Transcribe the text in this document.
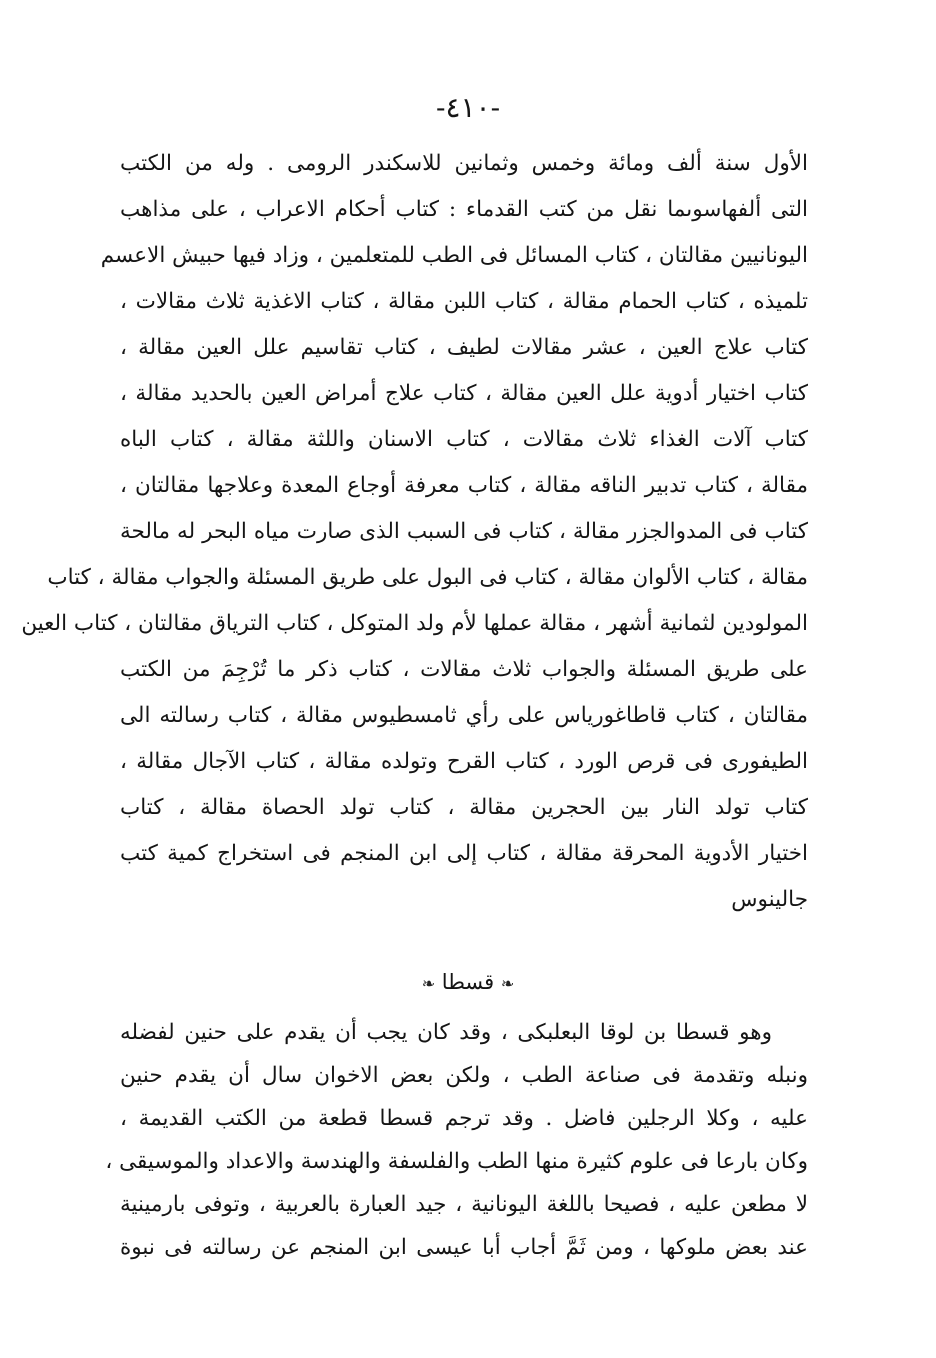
-٤١٠-
الأول سنة ألف ومائة وخمس وثمانين للاسكندر الرومى . وله من الكتب
التى ألفهاسوىما نقل من كتب القدماء : كتاب أحكام الاعراب ، على مذاهب
اليونانيين مقالتان ، كتاب المسائل فى الطب للمتعلمين ، وزاد فيها حبيش الاعسم
تلميذه ، كتاب الحمام مقالة ، كتاب اللبن مقالة ، كتاب الاغذية ثلاث مقالات ،
كتاب علاج العين ، عشر مقالات لطيف ، كتاب تقاسيم علل العين مقالة ،
كتاب اختيار أدوية علل العين مقالة ، كتاب علاج أمراض العين بالحديد مقالة ،
كتاب آلات الغذاء ثلاث مقالات ، كتاب الاسنان واللثة مقالة ، كتاب الباه
مقالة ، كتاب تدبير الناقه مقالة ، كتاب معرفة أوجاع المعدة وعلاجها مقالتان ،
كتاب فى المدوالجزر مقالة ، كتاب فى السبب الذى صارت مياه البحر له مالحة
مقالة ، كتاب الألوان مقالة ، كتاب فى البول على طريق المسئلة والجواب مقالة ، كتاب
المولودين لثمانية أشهر ، مقالة عملها لأم ولد المتوكل ، كتاب الترياق مقالتان ، كتاب العين
على طريق المسئلة والجواب ثلاث مقالات ، كتاب ذكر ما تُرْجِمَ من الكتب
مقالتان ، كتاب قاطاغورياس على رأي ثامسطيوس مقالة ، كتاب رسالته الى
الطيفورى فى قرص الورد ، كتاب القرح وتولده مقالة ، كتاب الآجال مقالة ،
كتاب تولد النار بين الحجرين مقالة ، كتاب تولد الحصاة مقالة ، كتاب
اختيار الأدوية المحرقة مقالة ، كتاب إلى ابن المنجم فى استخراج كمية كتب
جالينوس
❧ قسطا ❧
وهو قسطا بن لوقا البعلبكى ، وقد كان يجب أن يقدم على حنين لفضله
ونبله وتقدمة فى صناعة الطب ، ولكن بعض الاخوان سال أن يقدم حنين
عليه ، وكلا الرجلين فاضل . وقد ترجم قسطا قطعة من الكتب القديمة ،
وكان بارعا فى علوم كثيرة منها الطب والفلسفة والهندسة والاعداد والموسيقى ،
لا مطعن عليه ، فصيحا باللغة اليونانية ، جيد العبارة بالعربية ، وتوفى بارمينية
عند بعض ملوكها ، ومن ثَمَّ أجاب أبا عيسى ابن المنجم عن رسالته فى نبوة
